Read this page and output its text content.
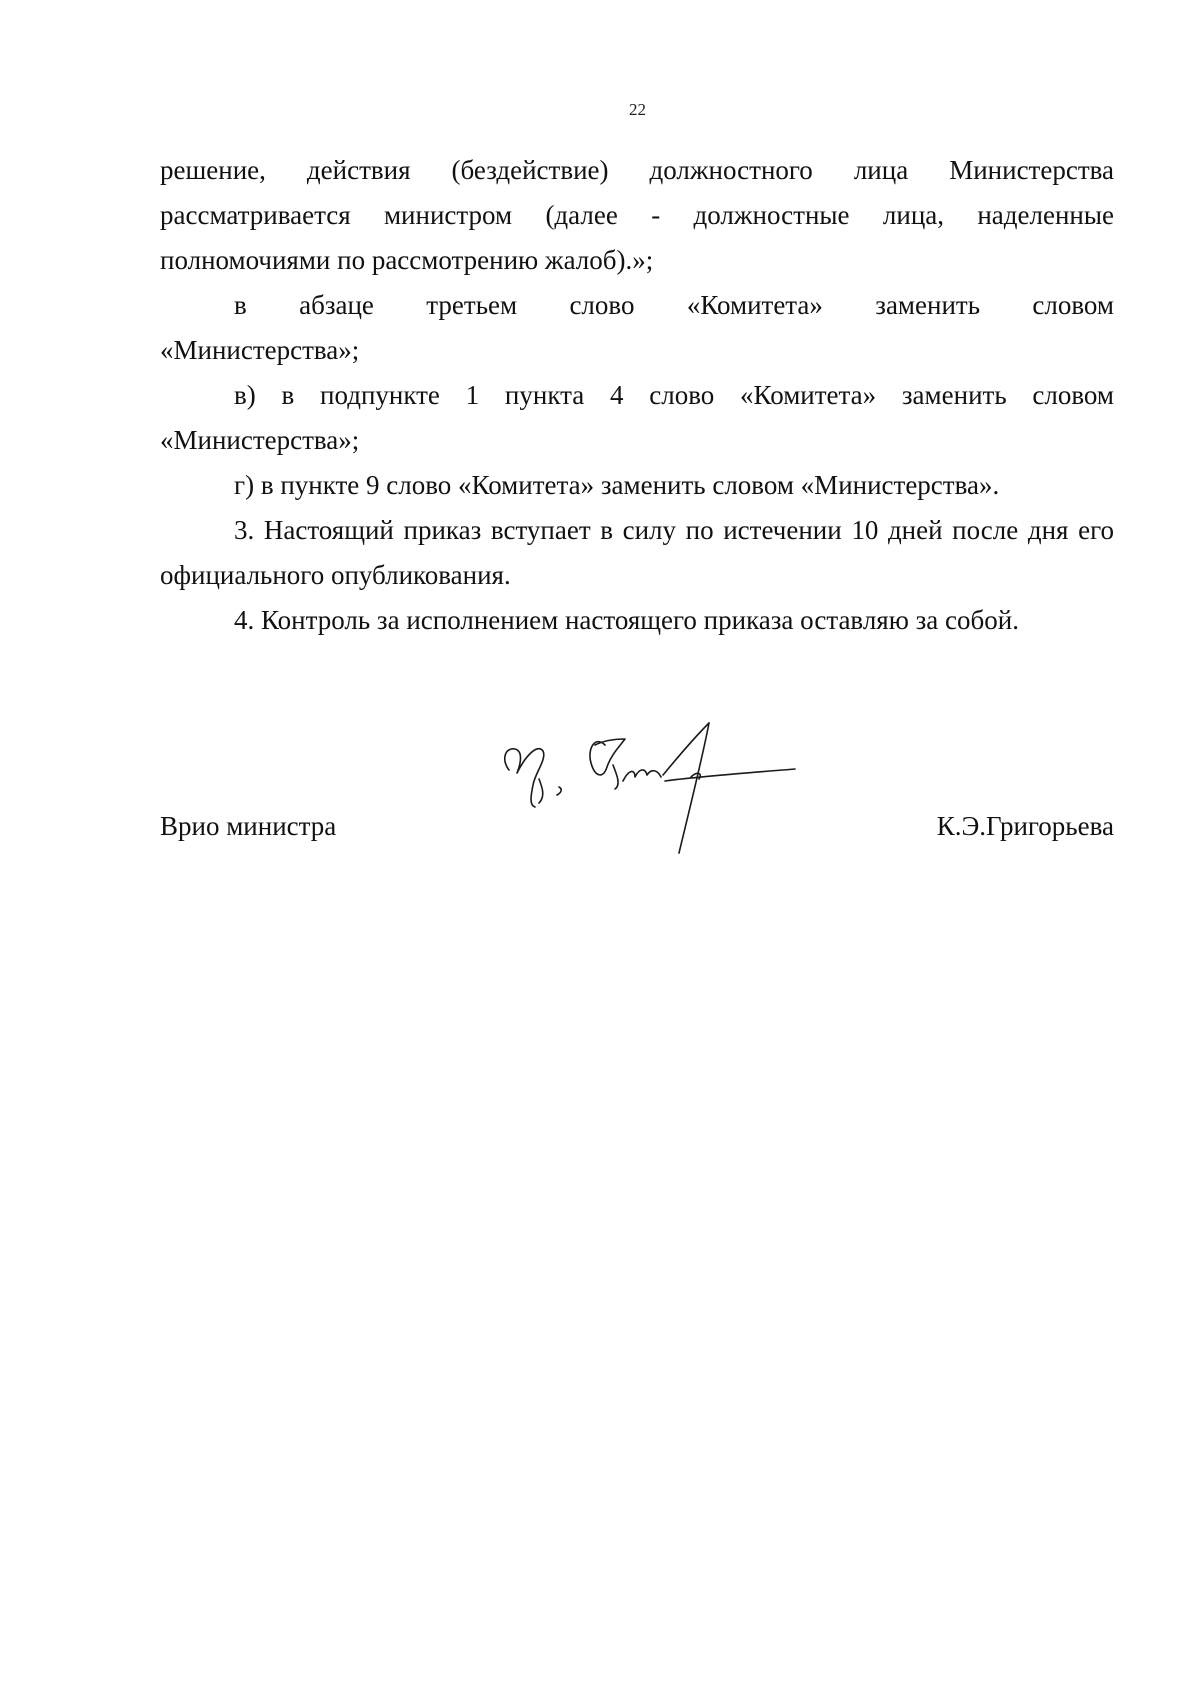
22

решение, действия (бездействие) должностного лица Министерства рассматривается министром (далее - должностные лица, наделенные полномочиями по рассмотрению жалоб).»;

в абзаце третьем слово «Комитета» заменить словом

«Министерства»;

в) в подпункте 1 пункта 4 слово «Комитета» заменить словом «Министерства»;

г) в пункте 9 слово «Комитета» заменить словом «Министерства».

3. Настоящий приказ вступает в силу по истечении 10 дней после дня его официального опубликования.

4. Контроль за исполнением настоящего приказа оставляю за собой.

Врио министра	К.Э.Григорьева
